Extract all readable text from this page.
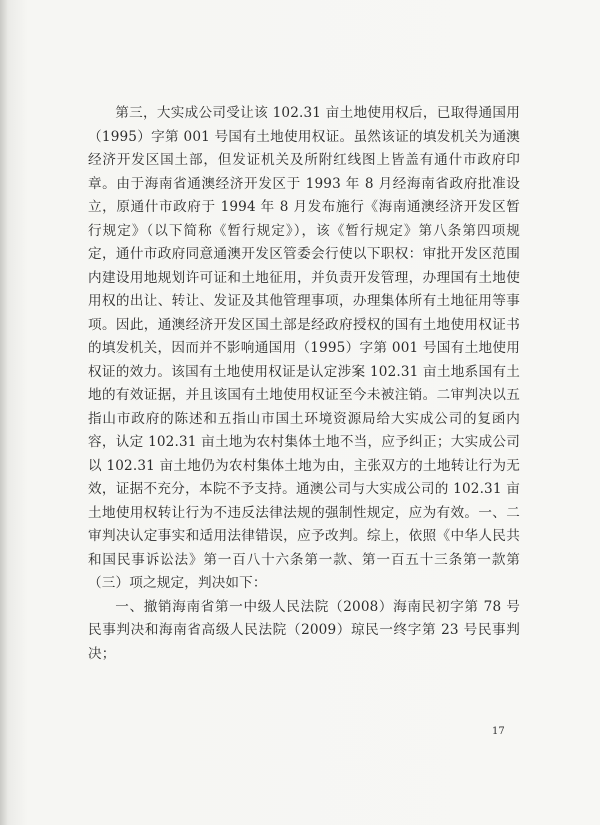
第三，大实成公司受让该 102.31 亩土地使用权后，已取得通国用（1995）字第 001 号国有土地使用权证。虽然该证的填发机关为通澳经济开发区国土部，但发证机关及所附红线图上皆盖有通什市政府印章。由于海南省通澳经济开发区于 1993 年 8 月经海南省政府批准设立，原通什市政府于 1994 年 8 月发布施行《海南通澳经济开发区暂行规定》（以下简称《暂行规定》），该《暂行规定》第八条第四项规定，通什市政府同意通澳开发区管委会行使以下职权：审批开发区范围内建设用地规划许可证和土地征用，并负责开发管理，办理国有土地使用权的出让、转让、发证及其他管理事项，办理集体所有土地征用等事项。因此，通澳经济开发区国土部是经政府授权的国有土地使用权证书的填发机关，因而并不影响通国用（1995）字第 001 号国有土地使用权证的效力。该国有土地使用权证是认定涉案 102.31 亩土地系国有土地的有效证据，并且该国有土地使用权证至今未被注销。二审判决以五指山市政府的陈述和五指山市国土环境资源局给大实成公司的复函内容，认定 102.31 亩土地为农村集体土地不当，应予纠正；大实成公司以 102.31 亩土地仍为农村集体土地为由，主张双方的土地转让行为无效，证据不充分，本院不予支持。通澳公司与大实成公司的 102.31 亩土地使用权转让行为不违反法律法规的强制性规定，应为有效。一、二审判决认定事实和适用法律错误，应予改判。综上，依照《中华人民共和国民事诉讼法》第一百八十六条第一款、第一百五十三条第一款第（三）项之规定，判决如下：

一、撤销海南省第一中级人民法院（2008）海南民初字第 78 号民事判决和海南省高级人民法院（2009）琼民一终字第 23 号民事判决；

17
